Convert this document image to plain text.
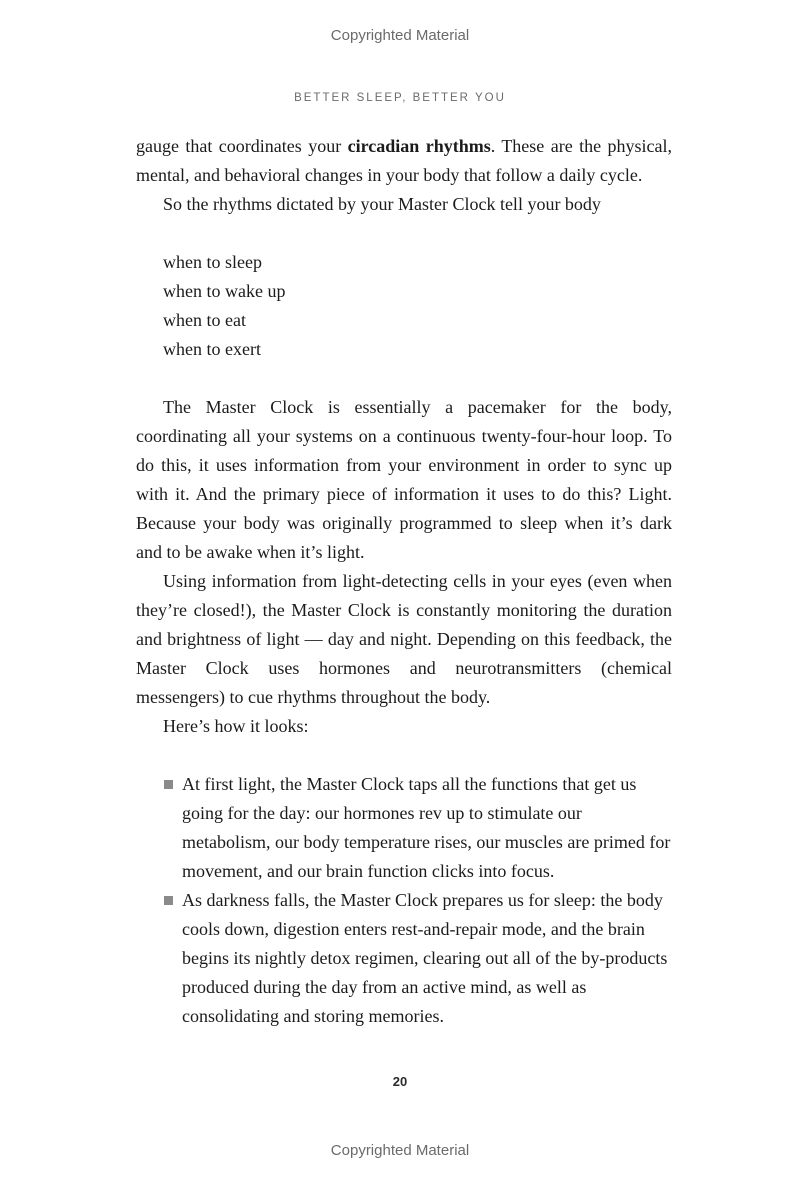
Copyrighted Material
BETTER SLEEP, BETTER YOU

gauge that coordinates your circadian rhythms. These are the physical, mental, and behavioral changes in your body that follow a daily cycle.

So the rhythms dictated by your Master Clock tell your body

when to sleep
when to wake up
when to eat
when to exert

The Master Clock is essentially a pacemaker for the body, coordinating all your systems on a continuous twenty-four-hour loop. To do this, it uses information from your environment in order to sync up with it. And the primary piece of information it uses to do this? Light. Because your body was originally programmed to sleep when it’s dark and to be awake when it’s light.

Using information from light-detecting cells in your eyes (even when they’re closed!), the Master Clock is constantly monitoring the duration and brightness of light — day and night. Depending on this feedback, the Master Clock uses hormones and neurotransmitters (chemical messengers) to cue rhythms throughout the body.

Here’s how it looks:

At first light, the Master Clock taps all the functions that get us going for the day: our hormones rev up to stimulate our metabolism, our body temperature rises, our muscles are primed for movement, and our brain function clicks into focus.
As darkness falls, the Master Clock prepares us for sleep: the body cools down, digestion enters rest-and-repair mode, and the brain begins its nightly detox regimen, clearing out all of the by-products produced during the day from an active mind, as well as consolidating and storing memories.
20
Copyrighted Material
